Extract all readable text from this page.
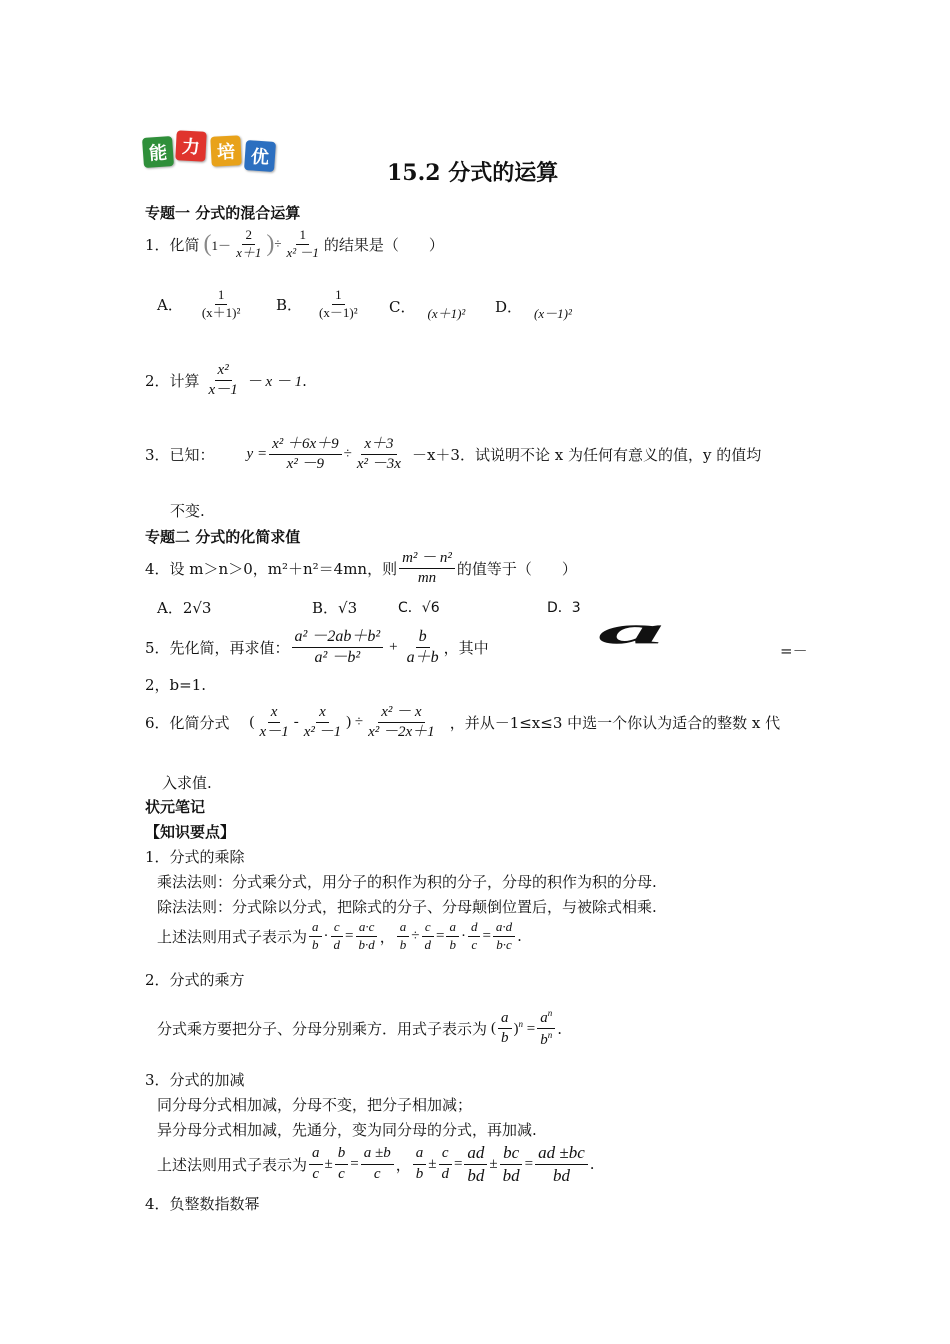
能 力 培 优
15.2 分式的运算
专题一 分式的混合运算
1．化简 ( $1- \frac{2}{x+1}$ ) ÷ $\frac{1}{\text{x² －1}}$ 的结果是（　　）
A． $\frac{1}{\text{(x＋1)²}}$ B． $\frac{1}{\text{(x－1)²}}$ C． (x＋1)² D． (x－1)²
2．计算 $\frac{\text{x²}}{x-1} - x - 1$ .
3．已知： $y = \frac{\text{x² ＋6x＋9}}{\text{x² －9}} \div \frac{x+3}{\text{x² －3x}} -x+3$．试说明不论 x 为任何有意义的值，y 的值均
不变.
专题二 分式的化简求值
4．设 m＞n＞0，m²＋n²＝4mn，则 $\frac{\text{m² － n²}}{mn}$ 的值等于（　　）
A．2√3	B．√3	C．√6	D．3
5．先化简，再求值： $\frac{\text{a² －2ab＋b²}}{\text{a² －b²}} + \frac{b}{a+b}$ ，其中 a	=－
2，b=1.
6．化简分式 ( $\frac{x}{x-1} - \frac{x}{\text{x² －1}}$ ) ÷ $\frac{\text{x² － x}}{\text{x² －2x＋1}}$ ，并从－1≤x≤3 中选一个你认为适合的整数 x 代
入求值.
状元笔记
【知识要点】
1．分式的乘除
乘法法则：分式乘分式，用分子的积作为积的分子，分母的积作为积的分母.
除法法则：分式除以分式，把除式的分子、分母颠倒位置后，与被除式相乘.
上述法则用式子表示为 $\frac{a}{b} \cdot \frac{c}{d} = \frac{a\cdot c}{b\cdot d}$ ， $\frac{a}{b} \div \frac{c}{d} = \frac{a}{b} \cdot \frac{d}{c} = \frac{a\cdot d}{b\cdot c}$ .
2．分式的乘方
分式乘方要把分子、分母分别乘方．用式子表示为 ( $\frac{a}{b} )^n = \frac{a^n}{b^n}$ .
3．分式的加减
同分母分式相加减，分母不变，把分子相加减；
异分母分式相加减，先通分，变为同分母的分式，再加减.
上述法则用式子表示为 $\frac{a}{c} \pm \frac{b}{c} = \frac{a \pm b}{c}$ ， $\frac{a}{b} \pm \frac{c}{d} = \frac{ad}{bd} \pm \frac{bc}{bd} = \frac{ad \pm bc}{bd}$ .
4．负整数指数幂
